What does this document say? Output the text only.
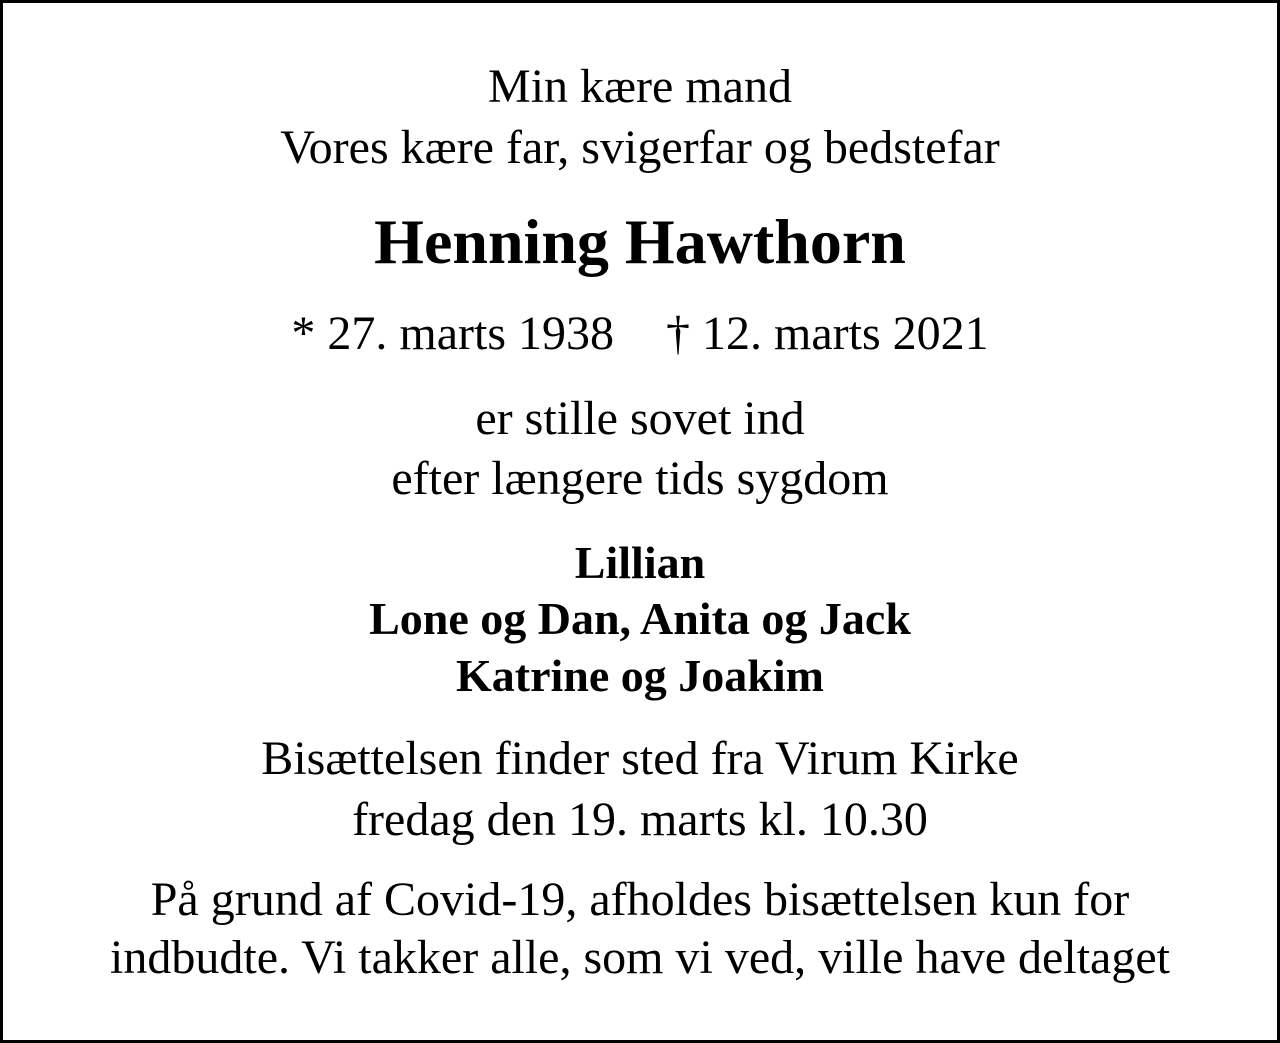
Min kære mand
Vores kære far, svigerfar og bedstefar
Henning Hawthorn
* 27. marts 1938 † 12. marts 2021
er stille sovet ind
efter længere tids sygdom
Lillian
Lone og Dan, Anita og Jack
Katrine og Joakim
Bisættelsen finder sted fra Virum Kirke
fredag den 19. marts kl. 10.30
På grund af Covid-19, afholdes bisættelsen kun for
indbudte. Vi takker alle, som vi ved, ville have deltaget
